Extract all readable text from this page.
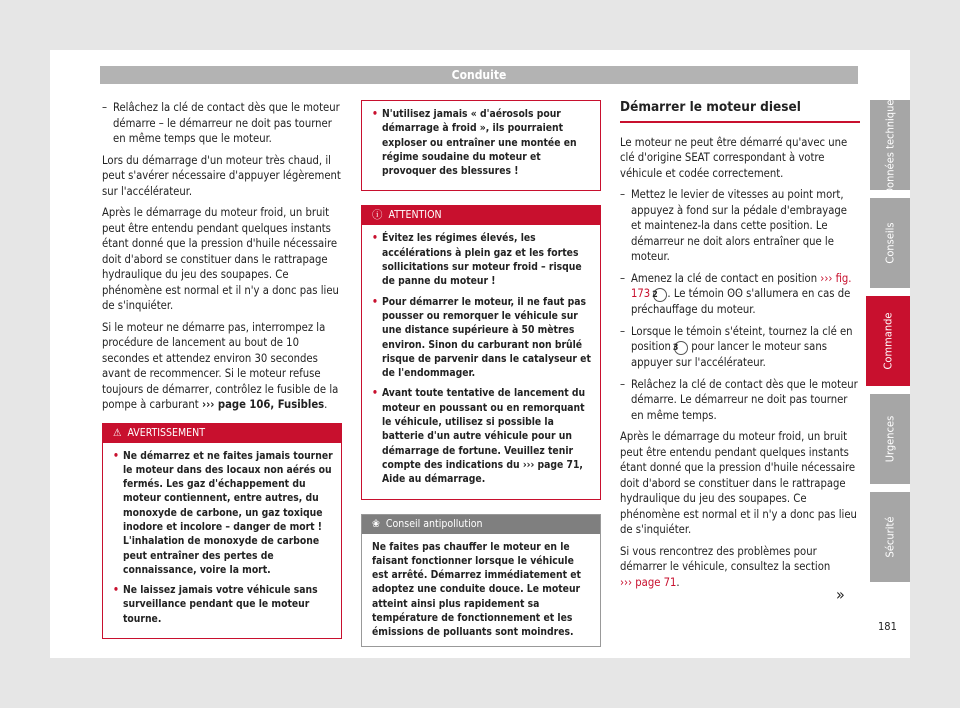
Conduite

– Relâchez la clé de contact dès que le moteur démarre – le démarreur ne doit pas tourner en même temps que le moteur.

Lors du démarrage d'un moteur très chaud, il peut s'avérer nécessaire d'appuyer légèrement sur l'accélérateur.

Après le démarrage du moteur froid, un bruit peut être entendu pendant quelques instants étant donné que la pression d'huile nécessaire doit d'abord se constituer dans le rattrapage hydraulique du jeu des soupapes. Ce phénomène est normal et il n'y a donc pas lieu de s'inquiéter.

Si le moteur ne démarre pas, interrompez la procédure de lancement au bout de 10 secondes et attendez environ 30 secondes avant de recommencer. Si le moteur refuse toujours de démarrer, contrôlez le fusible de la pompe à carburant ››› page 106, Fusibles.

⚠ AVERTISSEMENT

• Ne démarrez et ne faites jamais tourner le moteur dans des locaux non aérés ou fermés. Les gaz d'échappement du moteur contiennent, entre autres, du monoxyde de carbone, un gaz toxique inodore et incolore – danger de mort ! L'inhalation de monoxyde de carbone peut entraîner des pertes de connaissance, voire la mort.

• Ne laissez jamais votre véhicule sans surveillance pendant que le moteur tourne.

• N'utilisez jamais « d'aérosols pour démarrage à froid », ils pourraient exploser ou entraîner une montée en régime soudaine du moteur et provoquer des blessures !

ⓘ ATTENTION

• Évitez les régimes élevés, les accélérations à plein gaz et les fortes sollicitations sur moteur froid – risque de panne du moteur !

• Pour démarrer le moteur, il ne faut pas pousser ou remorquer le véhicule sur une distance supérieure à 50 mètres environ. Sinon du carburant non brûlé risque de parvenir dans le catalyseur et de l'endommager.

• Avant toute tentative de lancement du moteur en poussant ou en remorquant le véhicule, utilisez si possible la batterie d'un autre véhicule pour un démarrage de fortune. Veuillez tenir compte des indications du ››› page 71, Aide au démarrage.

❀ Conseil antipollution
Ne faites pas chauffer le moteur en le faisant fonctionner lorsque le véhicule est arrêté. Démarrez immédiatement et adoptez une conduite douce. Le moteur atteint ainsi plus rapidement sa température de fonctionnement et les émissions de polluants sont moindres.
Démarrer le moteur diesel

Le moteur ne peut être démarré qu'avec une clé d'origine SEAT correspondant à votre véhicule et codée correctement.

– Mettez le levier de vitesses au point mort, appuyez à fond sur la pédale d'embrayage et maintenez-la dans cette position. Le démarreur ne doit alors entraîner que le moteur.

– Amenez la clé de contact en position ››› fig. 173 2 . Le témoin ʘʘ s'allumera en cas de préchauffage du moteur.

– Lorsque le témoin s'éteint, tournez la clé en position 3 pour lancer le moteur sans appuyer sur l'accélérateur.

– Relâchez la clé de contact dès que le moteur démarre. Le démarreur ne doit pas tourner en même temps.

Après le démarrage du moteur froid, un bruit peut être entendu pendant quelques instants étant donné que la pression d'huile nécessaire doit d'abord se constituer dans le rattrapage hydraulique du jeu des soupapes. Ce phénomène est normal et il n'y a donc pas lieu de s'inquiéter.

Si vous rencontrez des problèmes pour démarrer le véhicule, consultez la section
››› page 71.

»
Données techniques
Conseils
Commande
Urgences
Sécurité
181
